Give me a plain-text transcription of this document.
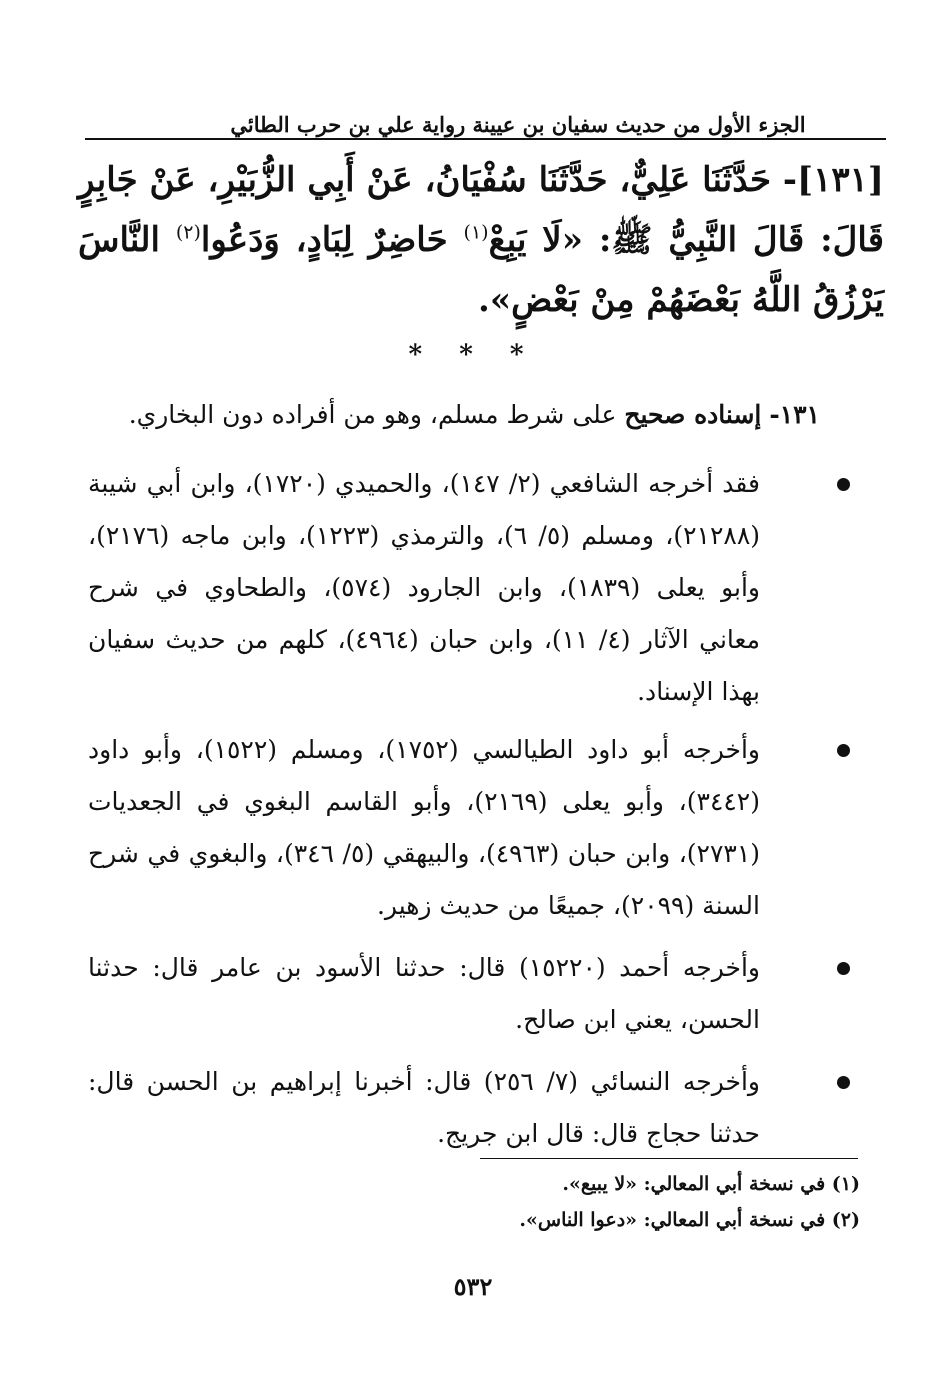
الجزء الأول من حديث سفيان بن عيينة رواية علي بن حرب الطائي
[١٣١]- حَدَّثَنَا عَلِيٌّ، حَدَّثَنَا سُفْيَانُ، عَنْ أَبِي الزُّبَيْرِ، عَنْ جَابِرٍ قَالَ: قَالَ النَّبِيُّ ﷺ: «لَا يَبِعْ$^{(١)}$ حَاضِرٌ لِبَادٍ، وَدَعُوا$^{(٢)}$ النَّاسَ يَرْزُقُ اللَّهُ بَعْضَهُمْ مِنْ بَعْضٍ».
* * *
١٣١- إسناده صحيح على شرط مسلم، وهو من أفراده دون البخاري.
فقد أخرجه الشافعي (٢/ ١٤٧)، والحميدي (١٧٢٠)، وابن أبي شيبة (٢١٢٨٨)، ومسلم (٥/ ٦)، والترمذي (١٢٢٣)، وابن ماجه (٢١٧٦)، وأبو يعلى (١٨٣٩)، وابن الجارود (٥٧٤)، والطحاوي في شرح معاني الآثار (٤/ ١١)، وابن حبان (٤٩٦٤)، كلهم من حديث سفيان بهذا الإسناد.
وأخرجه أبو داود الطيالسي (١٧٥٢)، ومسلم (١٥٢٢)، وأبو داود (٣٤٤٢)، وأبو يعلى (٢١٦٩)، وأبو القاسم البغوي في الجعديات (٢٧٣١)، وابن حبان (٤٩٦٣)، والبيهقي (٥/ ٣٤٦)، والبغوي في شرح السنة (٢٠٩٩)، جميعًا من حديث زهير.
وأخرجه أحمد (١٥٢٢٠) قال: حدثنا الأسود بن عامر قال: حدثنا الحسن، يعني ابن صالح.
وأخرجه النسائي (٧/ ٢٥٦) قال: أخبرنا إبراهيم بن الحسن قال: حدثنا حجاج قال: قال ابن جريج.
(١) في نسخة أبي المعالي: «لا يبيع».
(٢) في نسخة أبي المعالي: «دعوا الناس».
٥٣٢
